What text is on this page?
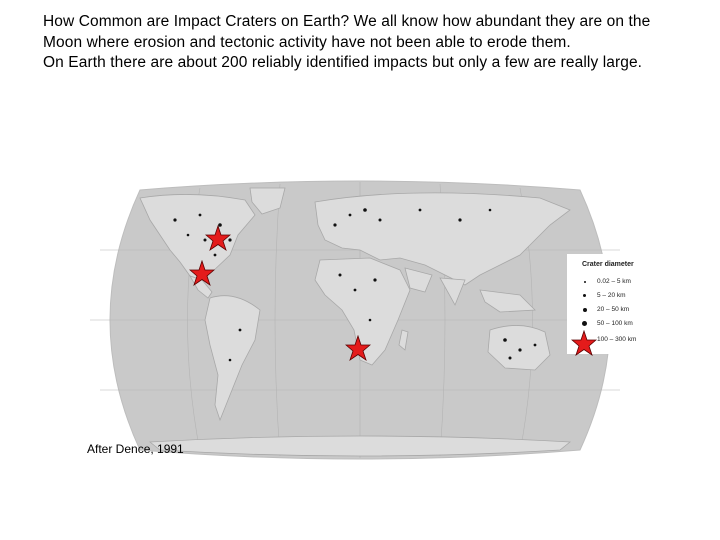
How Common are Impact Craters on Earth? We all know how abundant they are on the Moon where erosion and tectonic activity have not been able to erode them.

On Earth there are about 200 reliably identified impacts but only a few are really large.

Crater diameter
0.02 – 5 km
5 – 20 km
20 – 50 km
50 – 100 km
100 – 300 km
After Dence, 1991
